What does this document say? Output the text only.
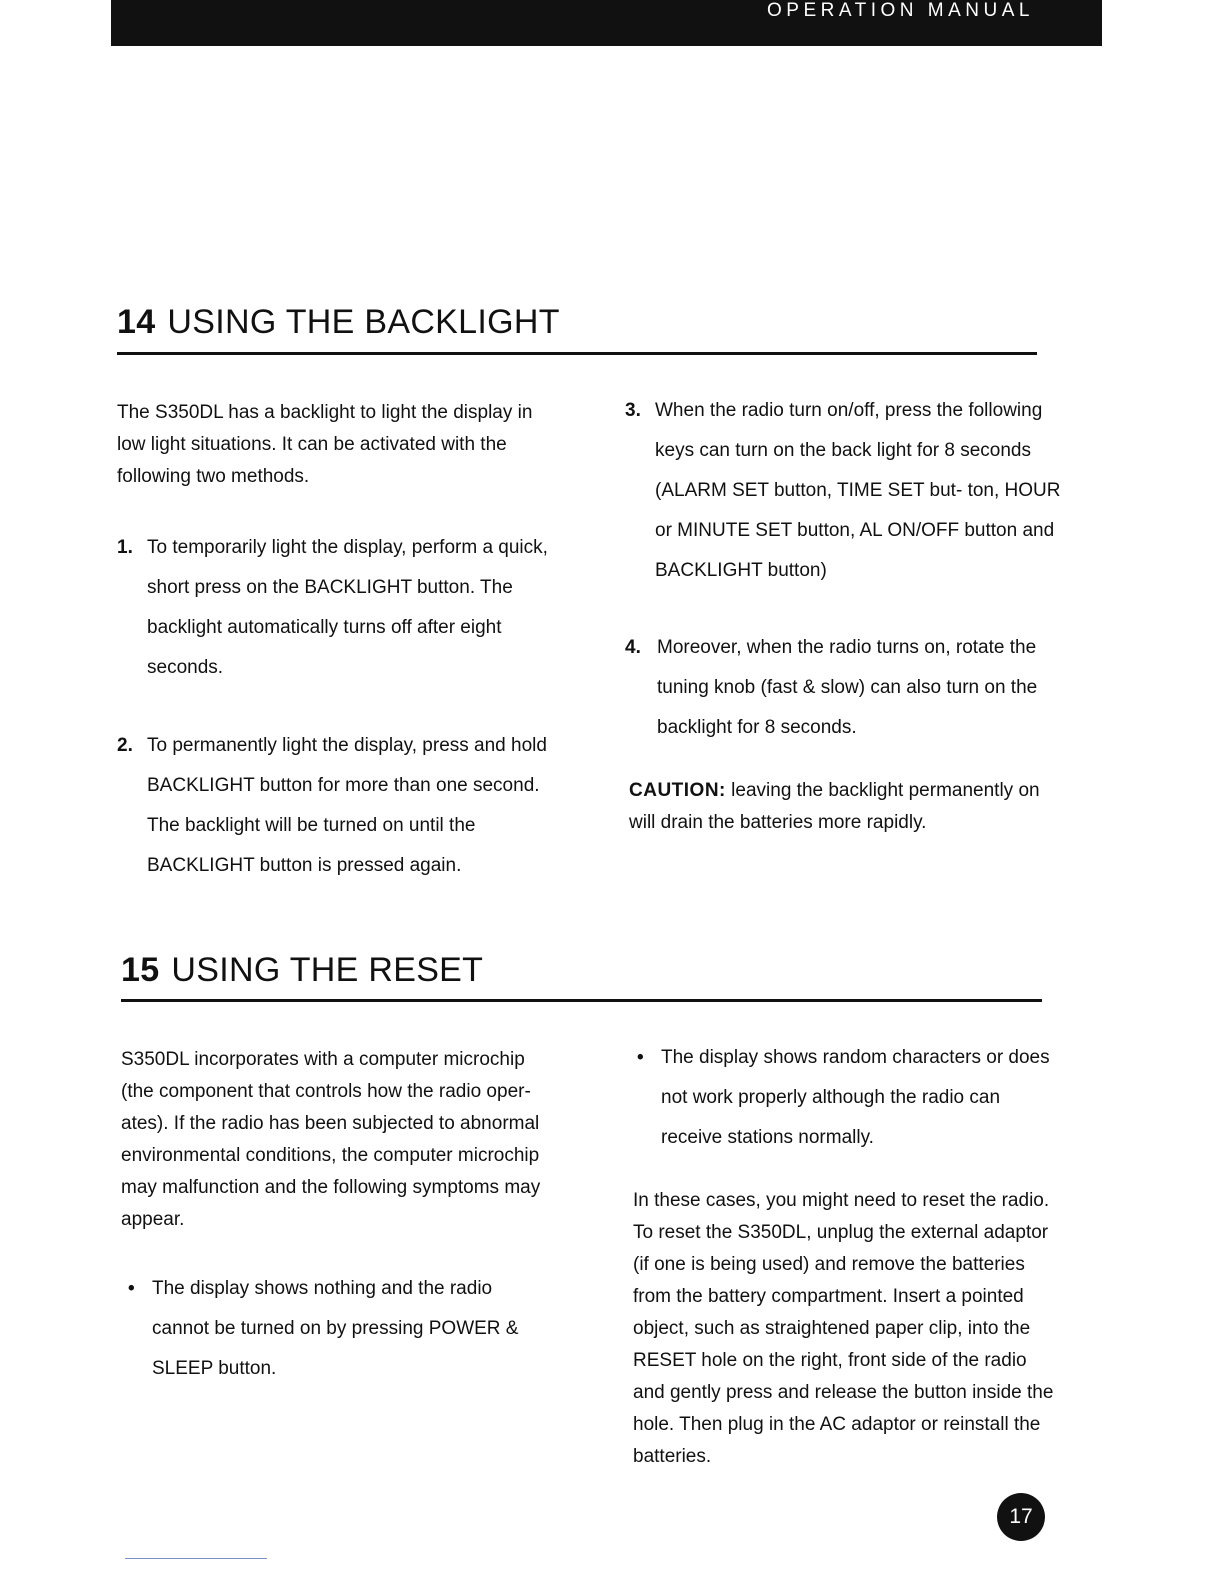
OPERATION MANUAL
14 USING THE BACKLIGHT

The S350DL has a backlight to light the display in low light situations. It can be activated with the following two methods.

1. To temporarily light the display, perform a quick, short press on the BACKLIGHT button. The backlight automatically turns off after eight seconds.
2. To permanently light the display, press and hold BACKLIGHT button for more than one second. The backlight will be turned on until the BACKLIGHT button is pressed again.
3. When the radio turn on/off, press the following keys can turn on the back light for 8 seconds (ALARM SET button, TIME SET but- ton, HOUR or MINUTE SET button, AL ON/OFF button and BACKLIGHT button)
4. Moreover, when the radio turns on, rotate the tuning knob (fast & slow) can also turn on the backlight for 8 seconds.

CAUTION: leaving the backlight permanently on will drain the batteries more rapidly.

15 USING THE RESET

S350DL incorporates with a computer microchip (the component that controls how the radio oper- ates). If the radio has been subjected to abnormal environmental conditions, the computer microchip may malfunction and the following symptoms may appear.

• The display shows nothing and the radio cannot be turned on by pressing POWER & SLEEP button.
• The display shows random characters or does not work properly although the radio can receive stations normally.

In these cases, you might need to reset the radio. To reset the S350DL, unplug the external adaptor (if one is being used) and remove the batteries from the battery compartment. Insert a pointed object, such as straightened paper clip, into the RESET hole on the right, front side of the radio and gently press and release the button inside the hole. Then plug in the AC adaptor or reinstall the batteries.

17
